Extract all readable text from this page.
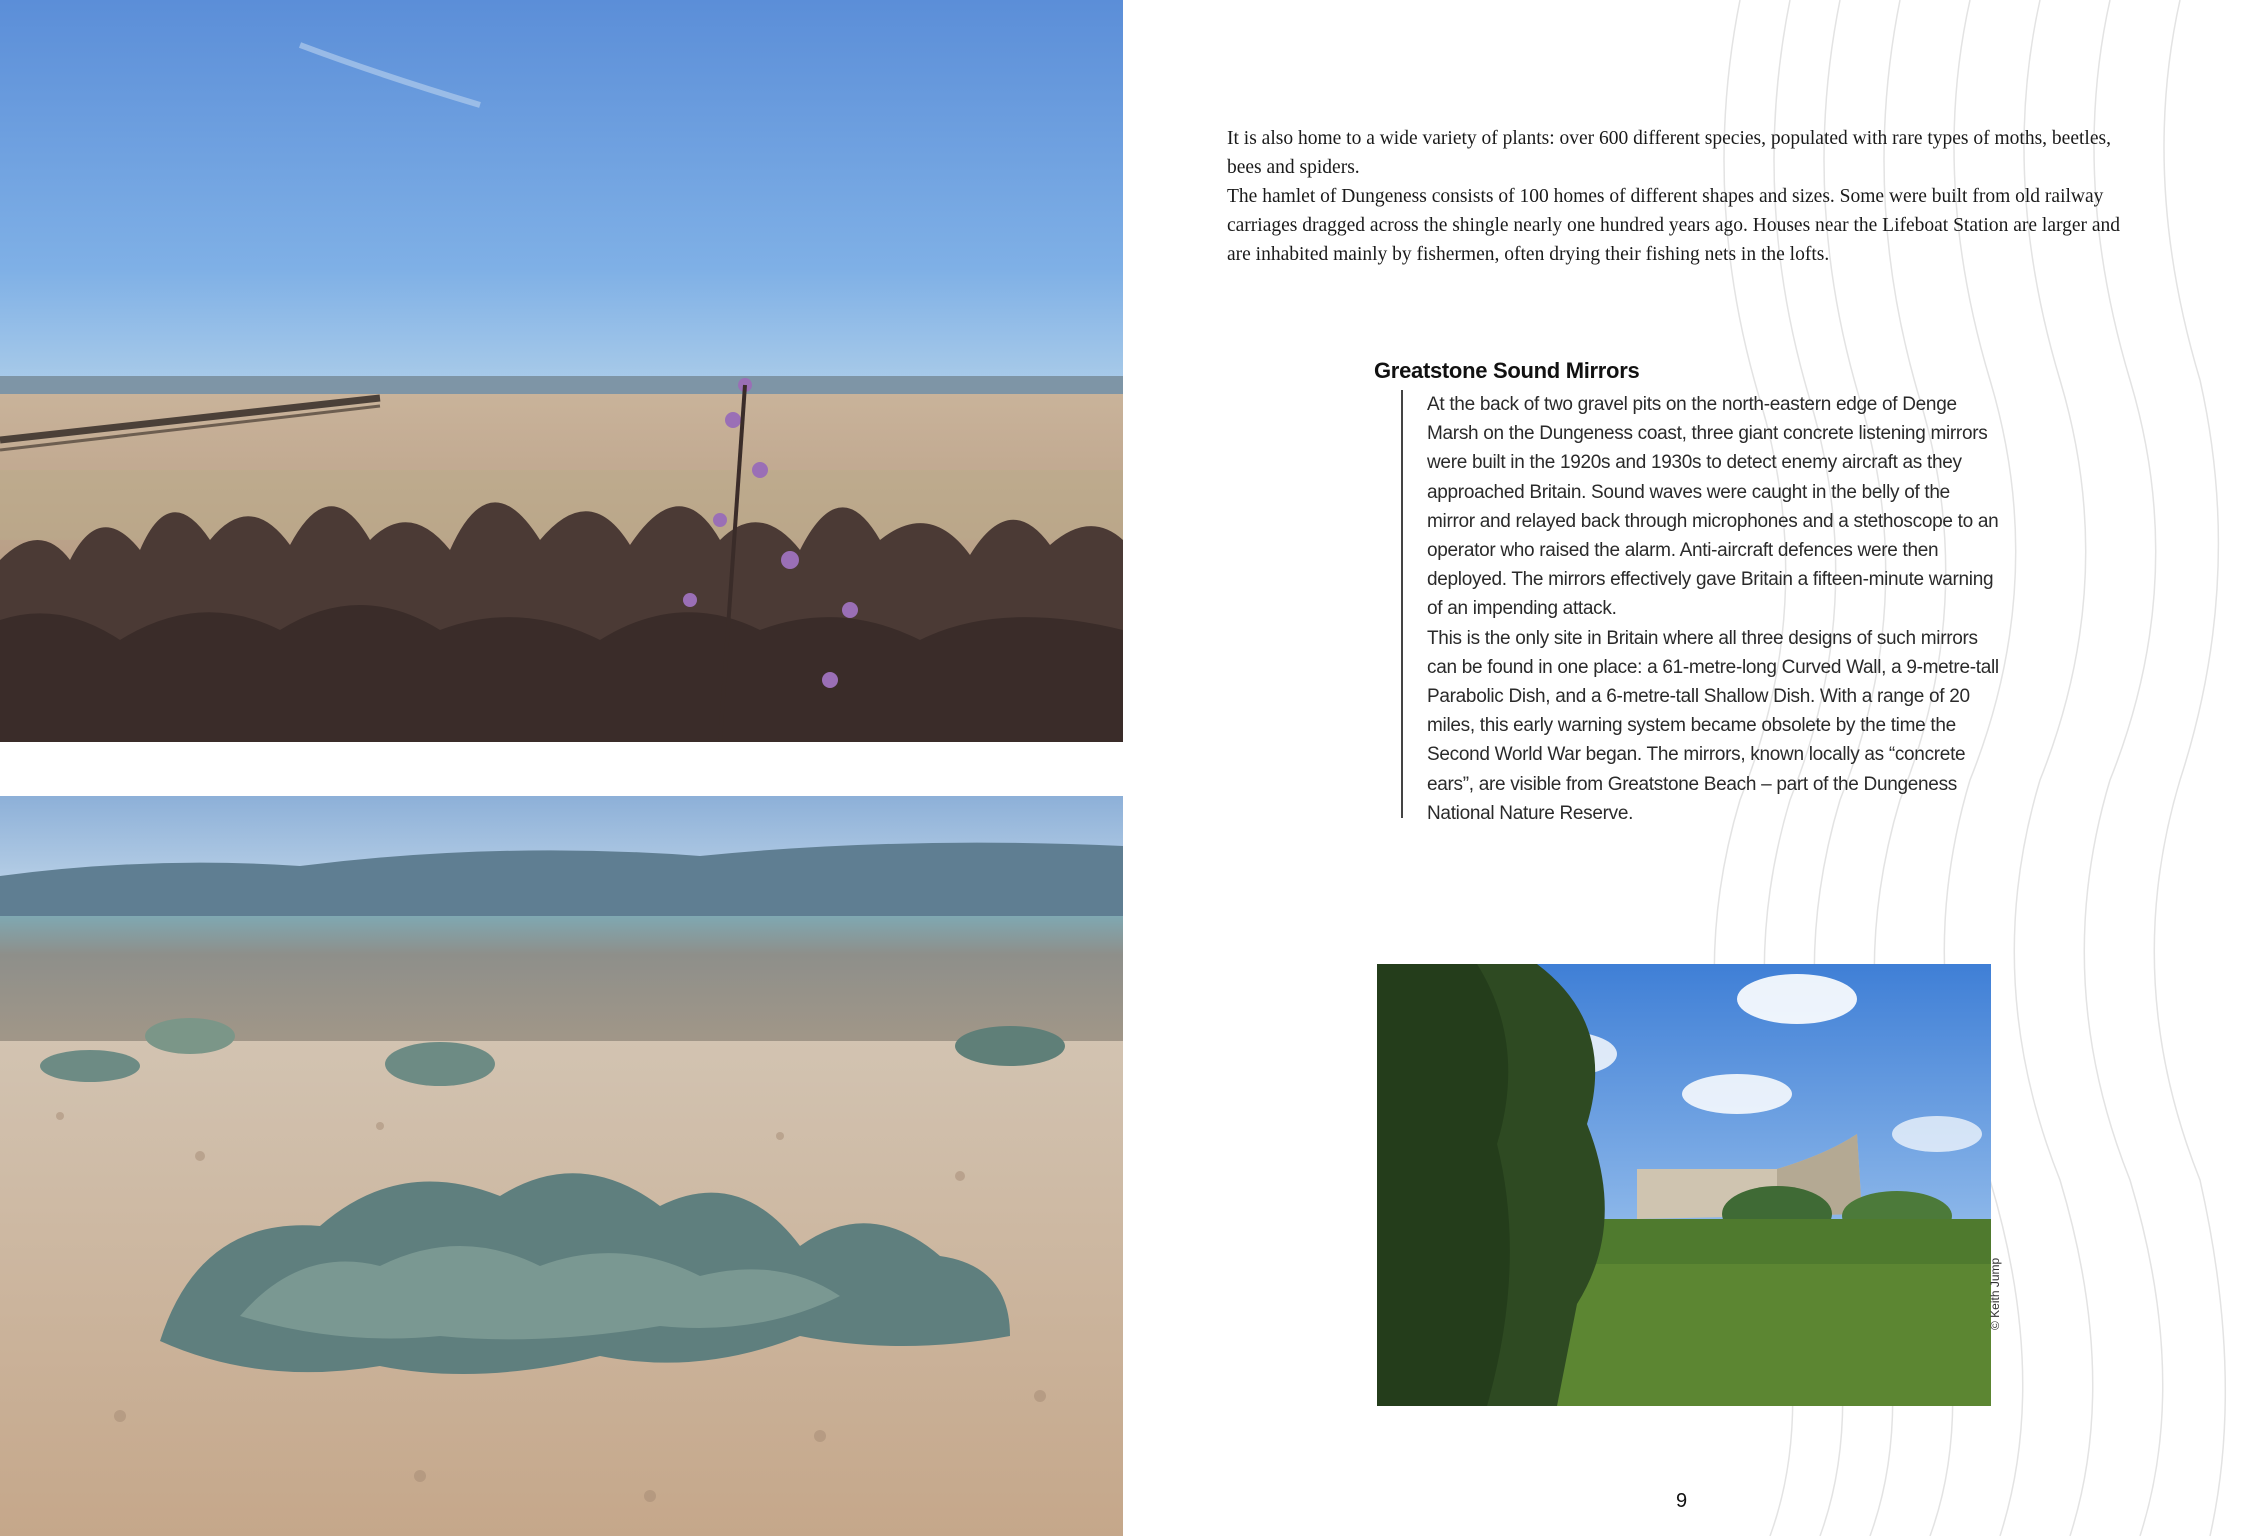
It is also home to a wide variety of plants: over 600 different species, populated with rare types of moths, beetles, bees and spiders.

The hamlet of Dungeness consists of 100 homes of different shapes and sizes. Some were built from old railway carriages dragged across the shingle nearly one hundred years ago. Houses near the Lifeboat Station are larger and are inhabited mainly by fishermen, often drying their fishing nets in the lofts.

Greatstone Sound Mirrors

At the back of two gravel pits on the north-eastern edge of Denge Marsh on the Dungeness coast, three giant concrete listening mirrors were built in the 1920s and 1930s to detect enemy aircraft as they approached Britain. Sound waves were caught in the belly of the mirror and relayed back through microphones and a stethoscope to an operator who raised the alarm. Anti-aircraft defences were then deployed. The mirrors effectively gave Britain a fifteen-minute warning of an impending attack.

This is the only site in Britain where all three designs of such mirrors can be found in one place: a 61-metre-long Curved Wall, a 9-metre-tall Parabolic Dish, and a 6-metre-tall Shallow Dish. With a range of 20 miles, this early warning system became obsolete by the time the Second World War began. The mirrors, known locally as “concrete ears”, are visible from Greatstone Beach – part of the Dungeness National Nature Reserve.

© Keith Jump
9
